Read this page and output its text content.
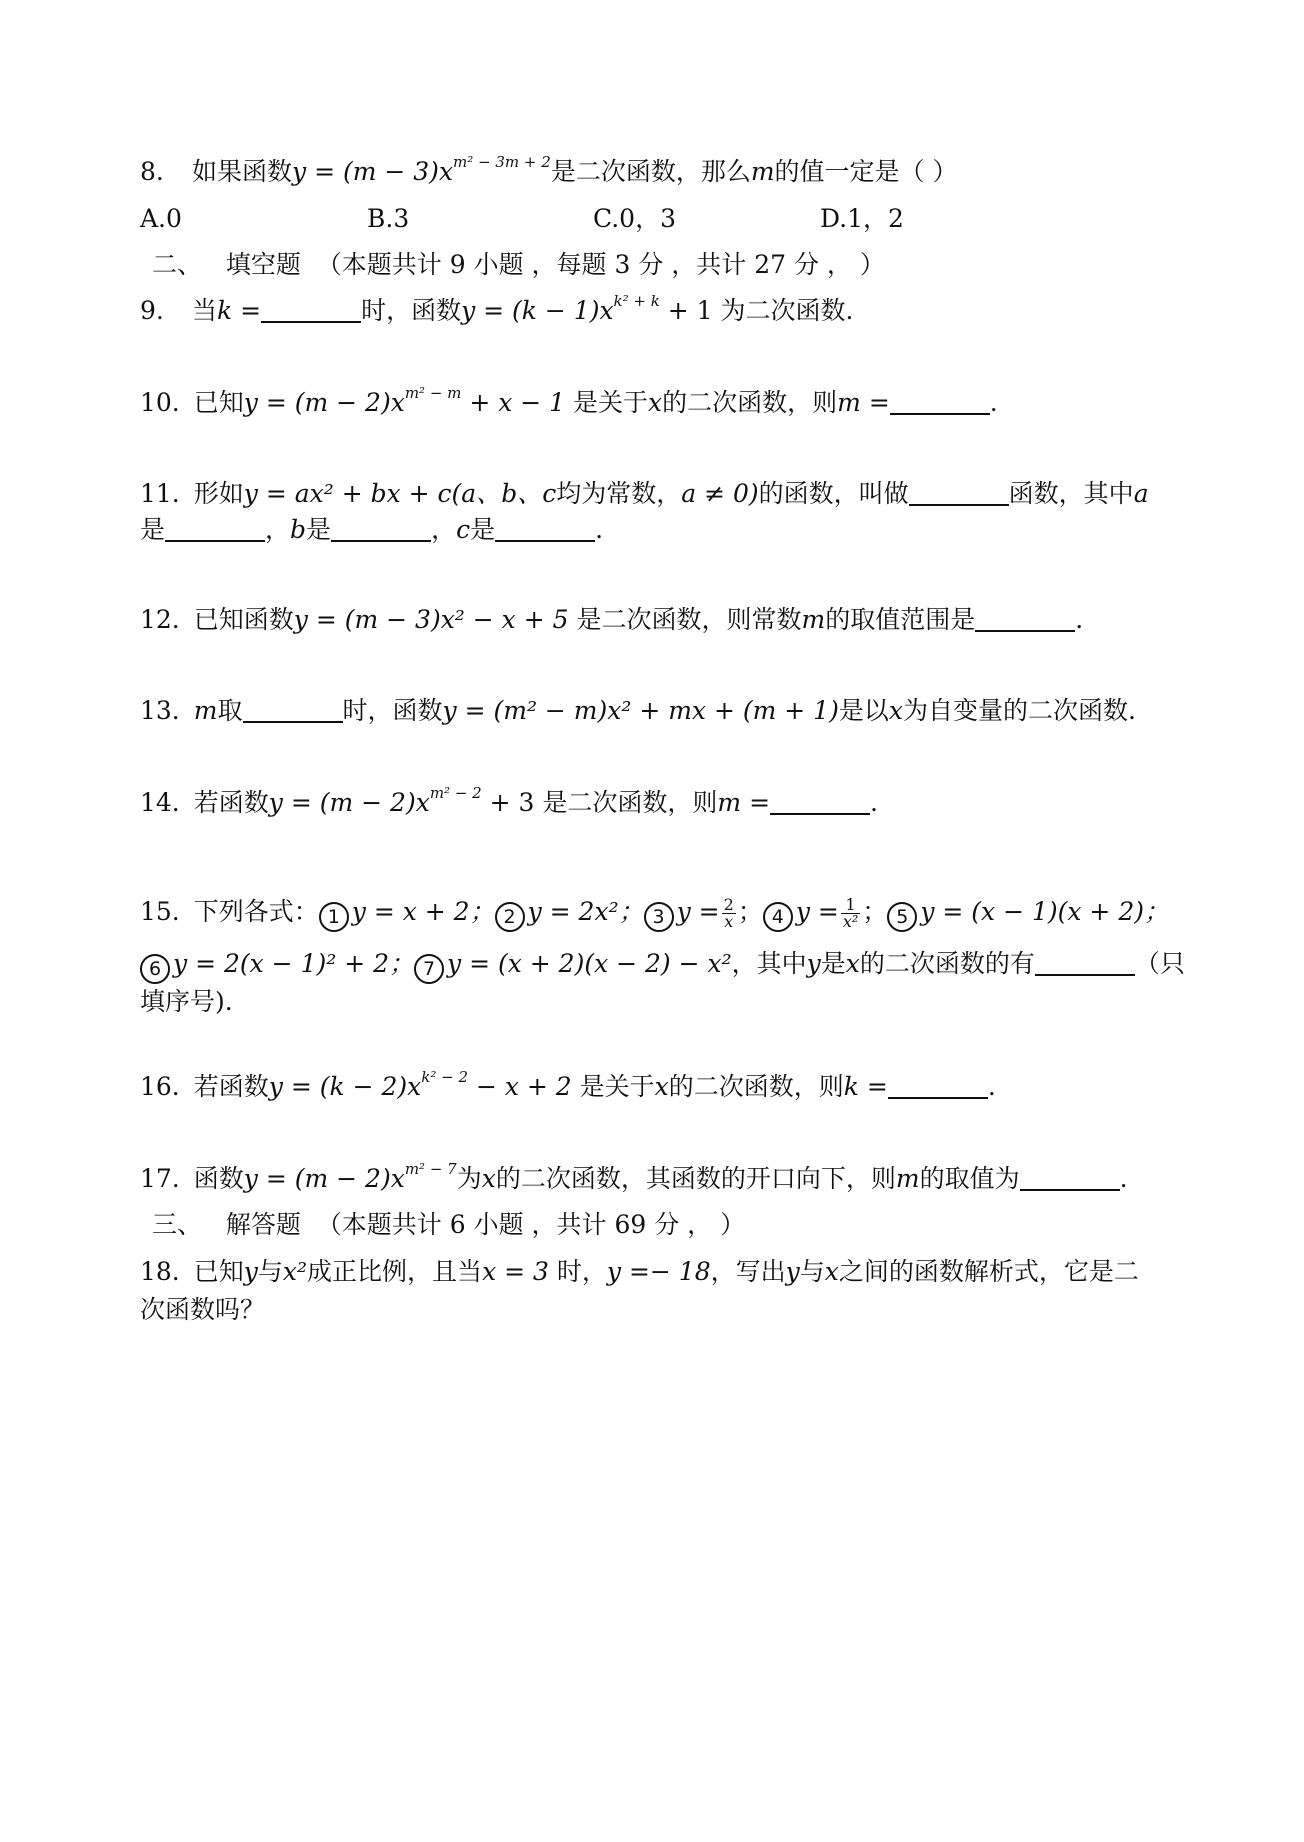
8. 如果函数$y = (m - 3)x^{m^2 - 3m + 2}$是二次函数，那么m的值一定是（ ）
A.0	B.3	C.0，3	D.1，2
二、 填空题 （本题共计 9 小题 ，每题 3 分 ，共计 27 分 ， ）
9. 当k =	时，函数$y = (k - 1)x^{k^2 + k} + 1$ 为二次函数.
10. 已知$y = (m - 2)x^{m^2 - m} + x - 1$ 是关于x的二次函数，则m =	.
11. 形如y = ax² + bx + c(a、b、c均为常数，a ≠ 0)的函数，叫做	函数，其中a
是	，b是	，c是	.
12. 已知函数y = (m − 3)x² − x + 5 是二次函数，则常数m的取值范围是	.
13. m取	时，函数y = (m² − m)x² + mx + (m + 1)是以x为自变量的二次函数.
14. 若函数$y = (m - 2)x^{m^2 - 2} + 3$ 是二次函数，则m =	.
15. 下列各式： 1 y = x + 2； 2 y = 2x²； 3 $y = \frac{2}{x}$ ； 4 $y = \frac{1}{\text{x²}}$ ； 5 y = (x − 1)(x + 2)；
6 y = 2(x − 1)² + 2； 7 y = (x + 2)(x − 2) − x²，其中y是x的二次函数的有	（只
填序号).
16. 若函数$y = (k - 2)x^{k^2 - 2} - x + 2$ 是关于x的二次函数，则k =	.
17. 函数$y = (m - 2)x^{m^2 - 7}$为x的二次函数，其函数的开口向下，则m的取值为	.
三、 解答题 （本题共计 6 小题 ，共计 69 分 ， ）
18. 已知y与x²成正比例，且当x = 3 时，y =− 18，写出y与x之间的函数解析式，它是二
次函数吗？
